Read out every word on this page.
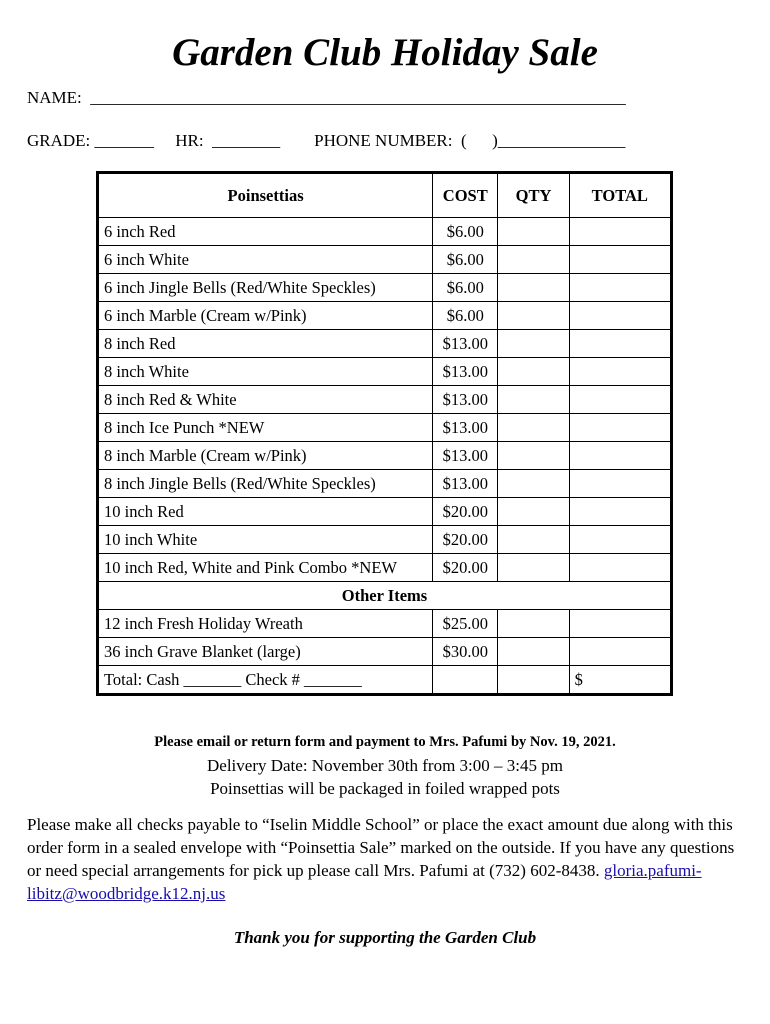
Garden Club Holiday Sale
NAME: _______________________________________________________________
GRADE: _______ HR: ________ PHONE NUMBER: (      )_______________
Poinsettias	COST	QTY	TOTAL
6 inch Red	$6.00		
6 inch White	$6.00		
6 inch Jingle Bells (Red/White Speckles)	$6.00		
6 inch Marble (Cream w/Pink)	$6.00		
8 inch Red	$13.00		
8 inch White	$13.00		
8 inch Red & White	$13.00		
8 inch Ice Punch *NEW	$13.00		
8 inch Marble (Cream w/Pink)	$13.00		
8 inch Jingle Bells (Red/White Speckles)	$13.00		
10 inch Red	$20.00		
10 inch White	$20.00		
10 inch Red, White and Pink Combo *NEW	$20.00		
Other Items			
12 inch Fresh Holiday Wreath	$25.00		
36 inch Grave Blanket (large)	$30.00		
Total: Cash _______ Check # _______			$
Please email or return form and payment to Mrs. Pafumi by Nov. 19, 2021.
Delivery Date: November 30th from 3:00 – 3:45 pm
Poinsettias will be packaged in foiled wrapped pots
Please make all checks payable to “Iselin Middle School” or place the exact amount due along with this order form in a sealed envelope with “Poinsettia Sale” marked on the outside. If you have any questions or need special arrangements for pick up please call Mrs. Pafumi at (732) 602-8438. gloria.pafumi-libitz@woodbridge.k12.nj.us
Thank you for supporting the Garden Club
